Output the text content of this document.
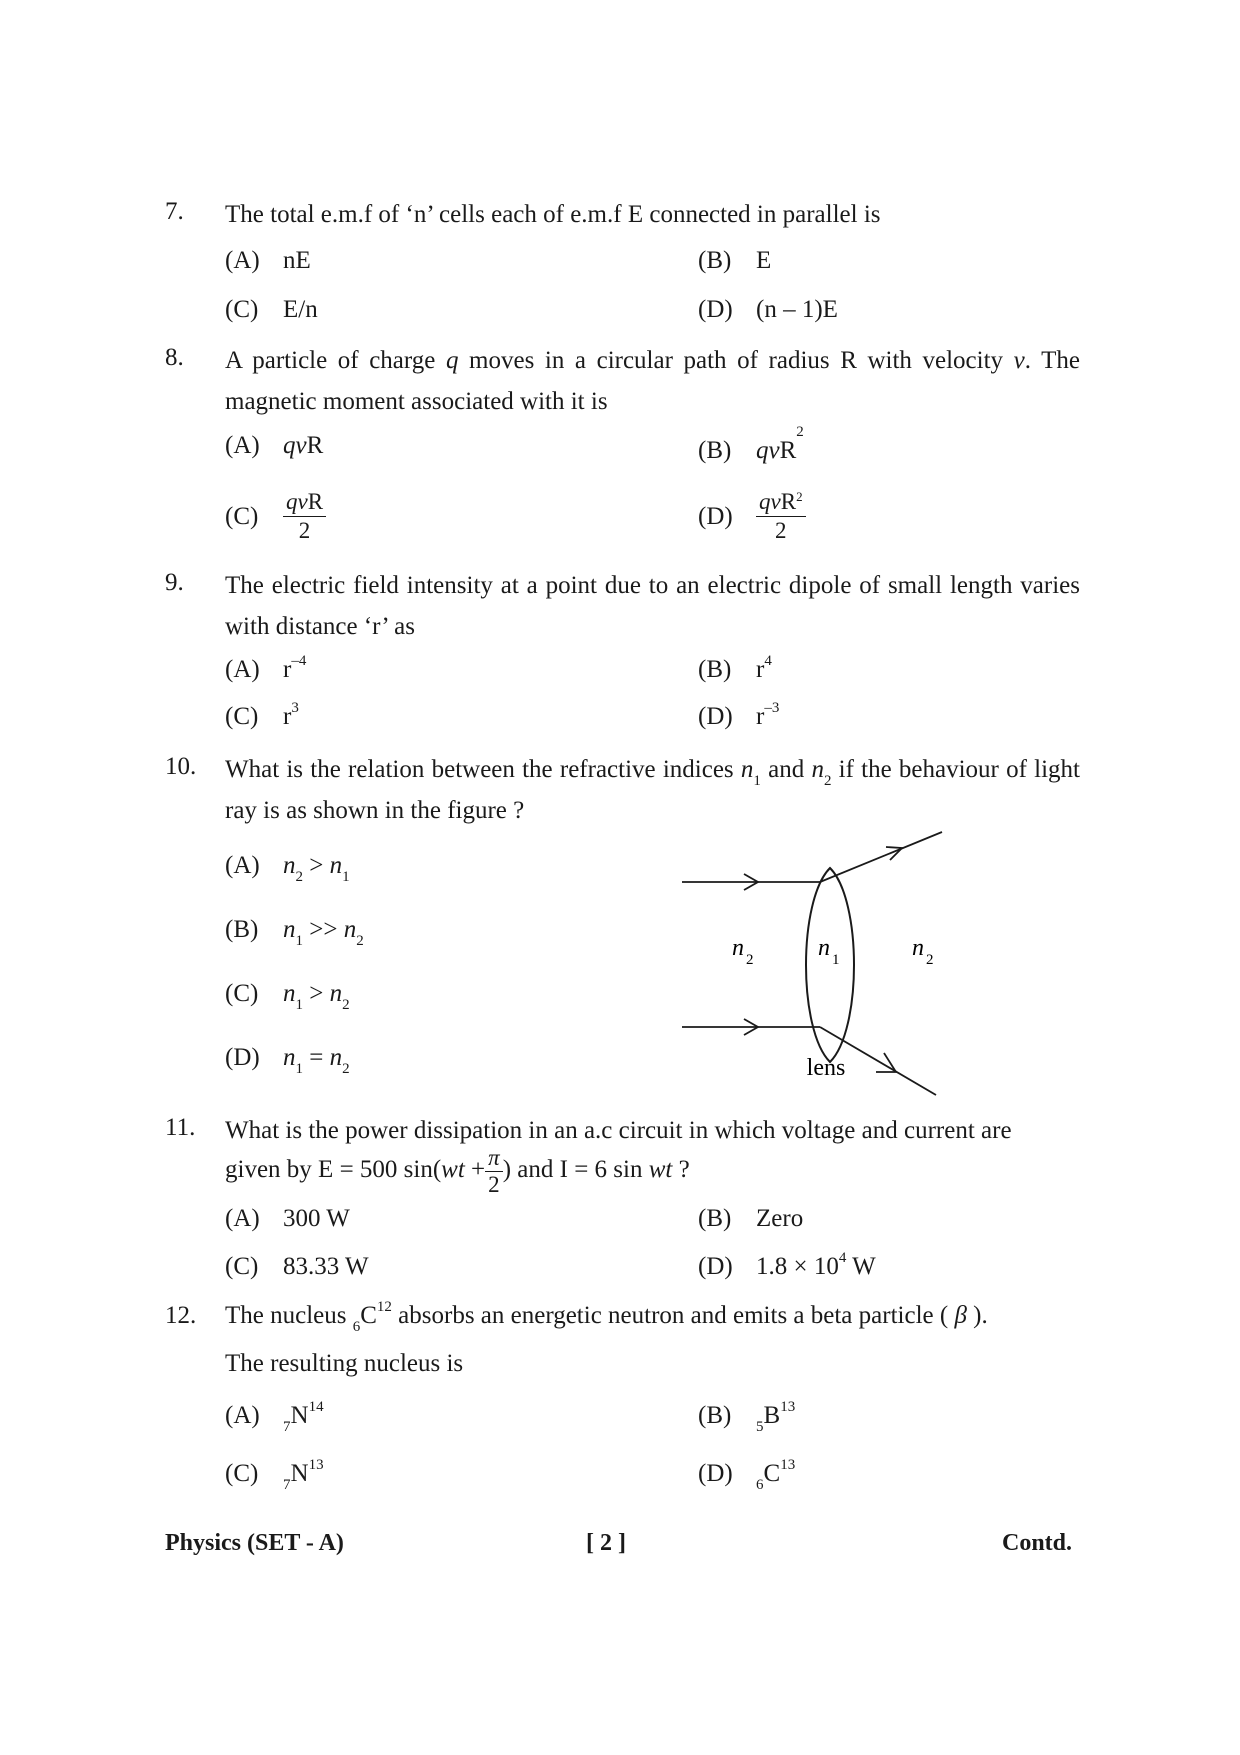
7. The total e.m.f of ‘n’ cells each of e.m.f E connected in parallel is
(A) nE	(B) E
(C) E/n	(D) (n – 1)E
8. A particle of charge q moves in a circular path of radius R with velocity v. The magnetic moment associated with it is
(A) qvR	(B) qvR$^2$
$(C) \frac{\text{qvR}}{2}$	$(D) \frac{qvR^2}{2}$
9. The electric field intensity at a point due to an electric dipole of small length varies with distance ‘r’ as
(A) $r^{-4}$	(B) $r^4$
(C) $r^3$	(D) $r^{-3}$
10. What is the relation between the refractive indices $n_1$ and $n_2$ if the behaviour of light ray is as shown in the figure ?
(A) $n_2 > n_1$
(B) $n_1 >> n_2$
(C) $n_1 > n_2$
(D) $n_1 = n_2$
n 2	n 1	n 2
lens
11. What is the power dissipation in an a.c circuit in which voltage and current are
given by E = 500 $\sin(wt + \frac{\pi}{2}$ ) and I = 6 sin wt ?
(A) 300 W	(B) Zero
(C) 83.33 W	(D) $1.8 \times 10^4$ W
12. The nucleus $_6C^{12}$ absorbs an energetic neutron and emits a beta particle ( β ).
The resulting nucleus is
(A) $_7N^{14}$	(B) $_5B^{13}$
(C) $_7N^{13}$	(D) $_6C^{13}$
Physics (SET - A)	[ 2 ]	Contd.
